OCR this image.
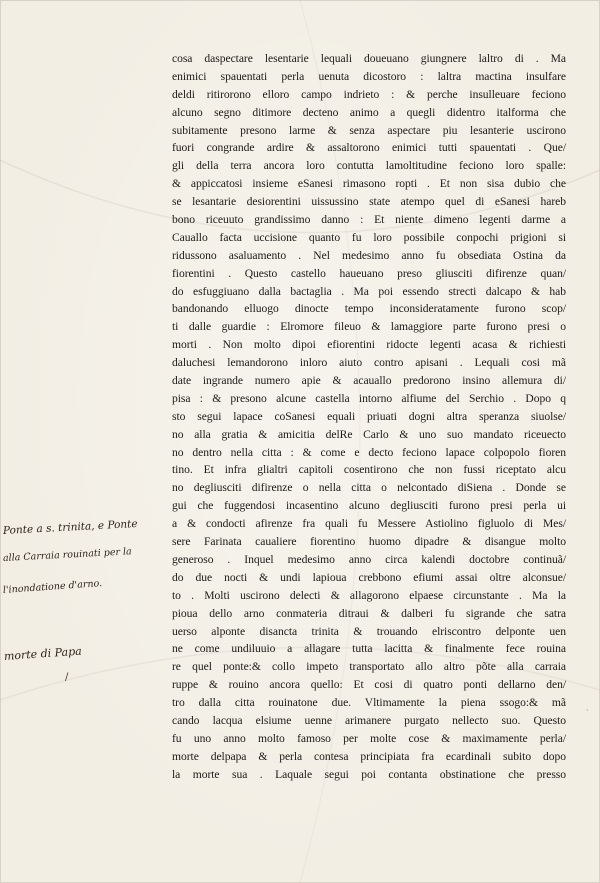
cosa daspectare lesentarie lequali doueuano giungnere laltro di . Ma
enimici spauentati perla uenuta dicostoro : laltra mactina insulfare
deldi ritirorono elloro campo indrieto : & perche insulleuare feciono
alcuno segno ditimore decteno animo a quegli didentro italforma che
subitamente presono larme & senza aspectare piu lesanterie uscirono
fuori congrande ardire & assaltorono enimici tutti spauentati . Que/
gli della terra ancora loro contutta lamoltitudine feciono loro spalle:
& appiccatosi insieme eSanesi rimasono ropti . Et non sisa dubio che
se lesantarie desiorentini uissussino state atempo quel di eSanesi hareb
bono riceuuto grandissimo danno : Et niente dimeno legenti darme a
Cauallo facta uccisione quanto fu loro possibile conpochi prigioni si
ridussono asaluamento . Nel medesimo anno fu obsediata Ostina da
fiorentini . Questo castello haueuano preso gliusciti difirenze quan/
do esfuggiuano dalla bactaglia . Ma poi essendo strecti dalcapo & hab
bandonando elluogo dinocte tempo inconsideratamente furono scop/
ti dalle guardie : Elromore fileuo & lamaggiore parte furono presi o
morti . Non molto dipoi efiorentini ridocte legenti acasa & richiesti
daluchesi lemandorono inloro aiuto contro apisani . Lequali cosi mã
date ingrande numero apie & acauallo predorono insino allemura di/
pisa : & presono alcune castella intorno alfiume del Serchio . Dopo q
sto segui lapace coSanesi equali priuati dogni altra speranza siuolse/
no alla gratia & amicitia delRe Carlo & uno suo mandato riceuecto
no dentro nella citta : & come e decto feciono lapace colpopolo fioren
tino. Et infra glialtri capitoli cosentirono che non fussi riceptato alcu
no degliusciti difirenze o nella citta o nelcontado diSiena . Donde se
gui che fuggendosi incasentino alcuno degliusciti furono presi perla ui
a & condocti afirenze fra quali fu Messere Astiolino figluolo di Mes/
sere Farinata caualiere fiorentino huomo dipadre & disangue molto
generoso . Inquel medesimo anno circa kalendi doctobre continuã/
do due nocti & undi lapioua crebbono efiumi assai oltre alconsue/
to . Molti uscirono delecti & allagorono elpaese circunstante . Ma la
pioua dello arno conmateria ditraui & dalberi fu sigrande che satra
uerso alponte disancta trinita & trouando elriscontro delponte uen
ne come undiluuio a allagare tutta lacitta & finalmente fece rouina
re quel ponte:& collo impeto transportato allo altro põte alla carraia
ruppe & rouino ancora quello: Et cosi di quatro ponti dellarno den/
tro dalla citta rouinatone due. Vltimamente la piena ssogo:& mã
cando lacqua elsiume uenne arimanere purgato nellecto suo. Questo
fu uno anno molto famoso per molte cose & maximamente perla/
morte delpapa & perla contesa principiata fra ecardinali subito dopo
la morte sua . Laquale segui poi contanta obstinatione che presso
Ponte a s. trinita, e Ponte
alla Carraia rouinati per la
l'inondatione d'arno.
morte di Papa
/
·
